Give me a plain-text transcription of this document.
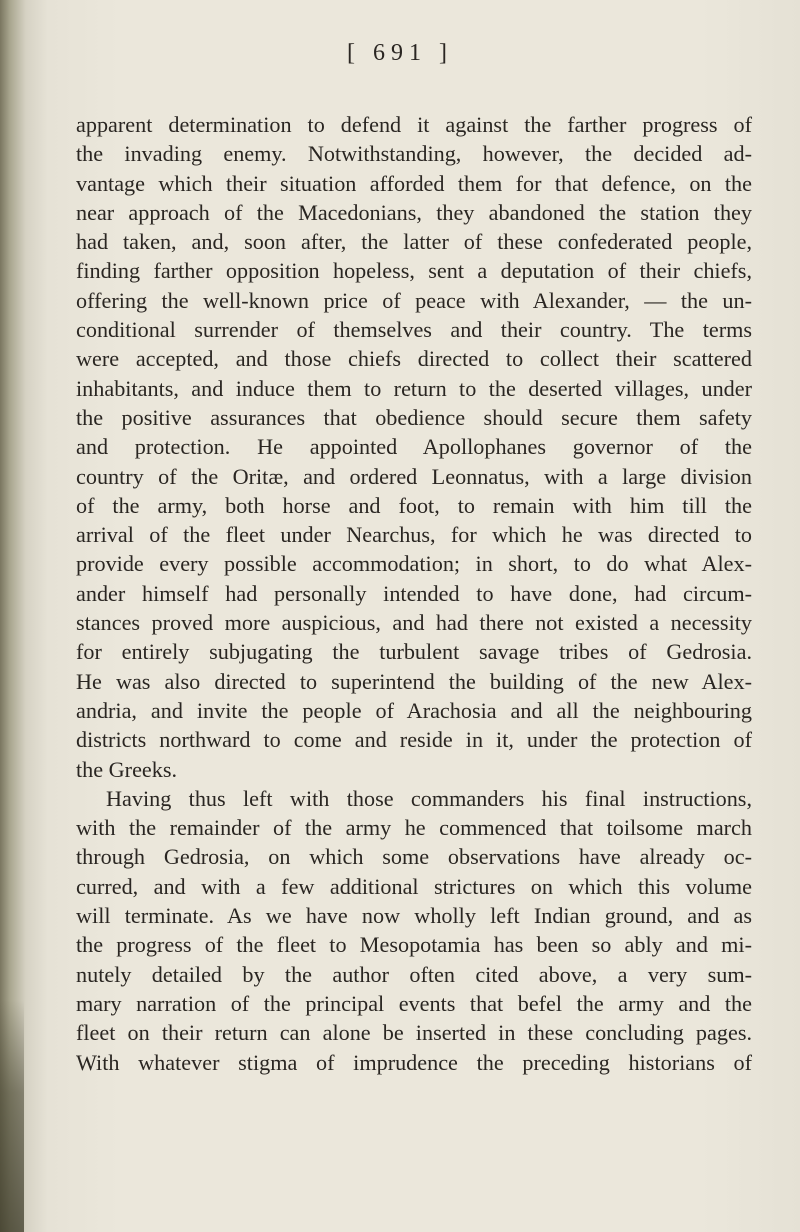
[ 691 ]
apparent determination to defend it against the farther progress of
the invading enemy. Notwithstanding, however, the decided ad-
vantage which their situation afforded them for that defence, on the
near approach of the Macedonians, they abandoned the station they
had taken, and, soon after, the latter of these confederated people,
finding farther opposition hopeless, sent a deputation of their chiefs,
offering the well-known price of peace with Alexander, — the un-
conditional surrender of themselves and their country. The terms
were accepted, and those chiefs directed to collect their scattered
inhabitants, and induce them to return to the deserted villages, under
the positive assurances that obedience should secure them safety
and protection. He appointed Apollophanes governor of the
country of the Oritæ, and ordered Leonnatus, with a large division
of the army, both horse and foot, to remain with him till the
arrival of the fleet under Nearchus, for which he was directed to
provide every possible accommodation; in short, to do what Alex-
ander himself had personally intended to have done, had circum-
stances proved more auspicious, and had there not existed a necessity
for entirely subjugating the turbulent savage tribes of Gedrosia.
He was also directed to superintend the building of the new Alex-
andria, and invite the people of Arachosia and all the neighbouring
districts northward to come and reside in it, under the protection of
the Greeks.
Having thus left with those commanders his final instructions,
with the remainder of the army he commenced that toilsome march
through Gedrosia, on which some observations have already oc-
curred, and with a few additional strictures on which this volume
will terminate. As we have now wholly left Indian ground, and as
the progress of the fleet to Mesopotamia has been so ably and mi-
nutely detailed by the author often cited above, a very sum-
mary narration of the principal events that befel the army and the
fleet on their return can alone be inserted in these concluding pages.
With whatever stigma of imprudence the preceding historians of
